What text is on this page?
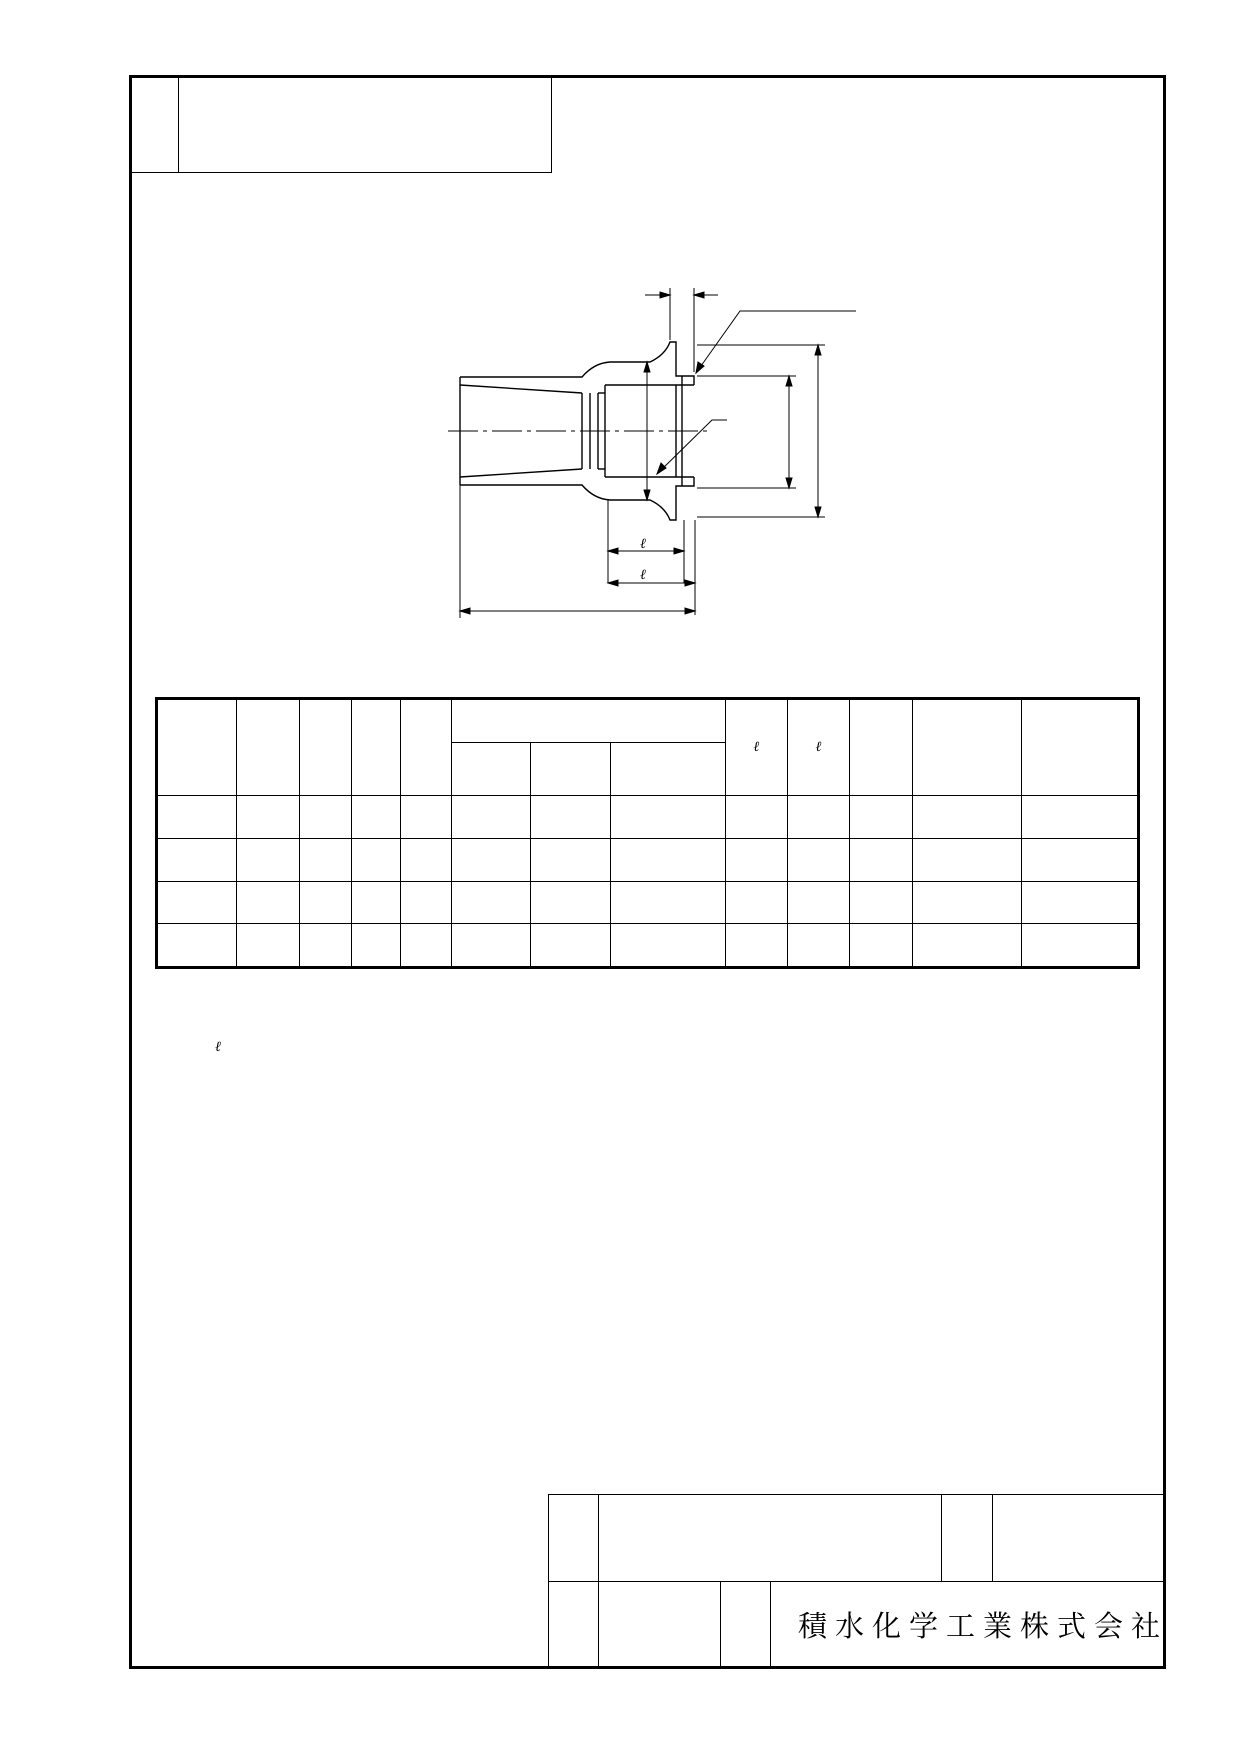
ℓ
ℓ
								ℓ	ℓ			

ℓ
積水化学工業株式会社
